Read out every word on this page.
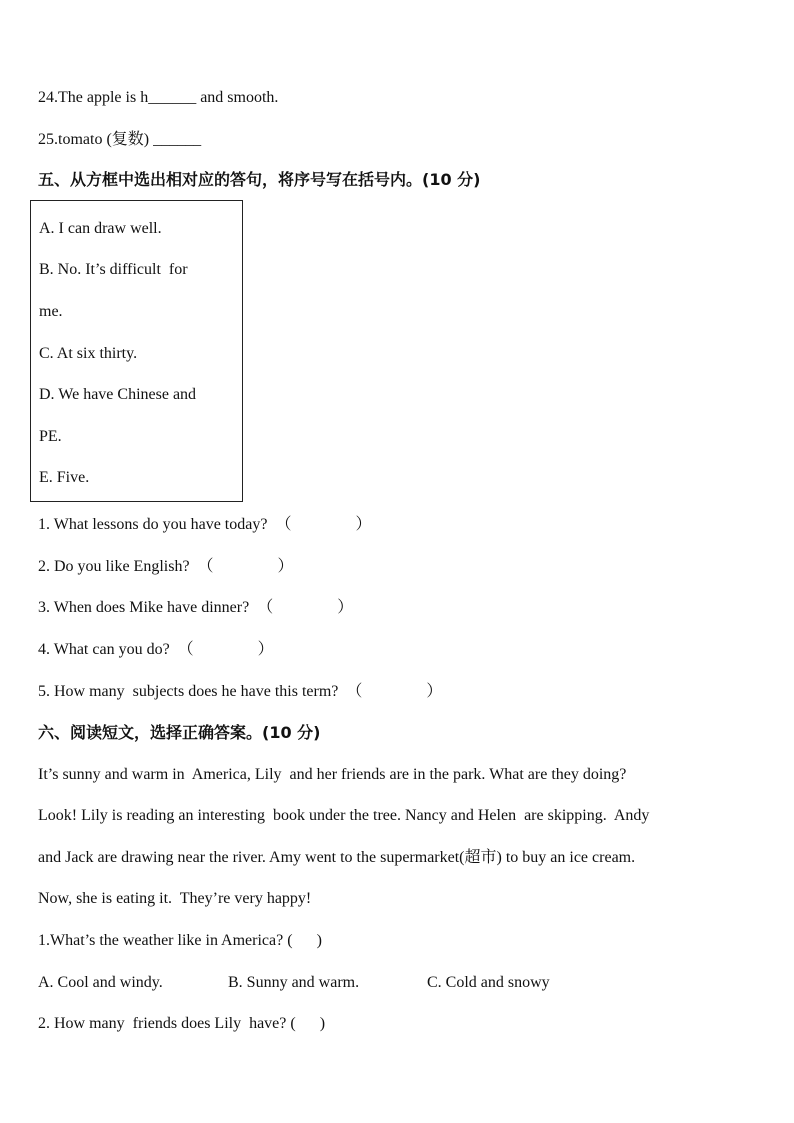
24.The apple is h______ and smooth.
25.tomato (复数) ______
五、从方框中选出相对应的答句，将序号写在括号内。(10 分)
A. I can draw well.
B. No. It’s difficult  for
me.
C. At six thirty.
D. We have Chinese and
PE.
E. Five.
1. What lessons do you have today?  （                ）
2. Do you like English?  （                ）
3. When does Mike have dinner?  （                ）
4. What can you do?  （                ）
5. How many  subjects does he have this term?  （                ）
六、阅读短文，选择正确答案。(10 分)
It’s sunny and warm in  America, Lily  and her friends are in the park. What are they doing?
Look! Lily is reading an interesting  book under the tree. Nancy and Helen  are skipping.  Andy
and Jack are drawing near the river. Amy went to the supermarket(超市) to buy an ice cream.
Now, she is eating it.  They’re very happy!
1.What’s the weather like in America? (      )
A. Cool and windy.	B. Sunny and warm.	C. Cold and snowy
2. How many  friends does Lily  have? (      )
